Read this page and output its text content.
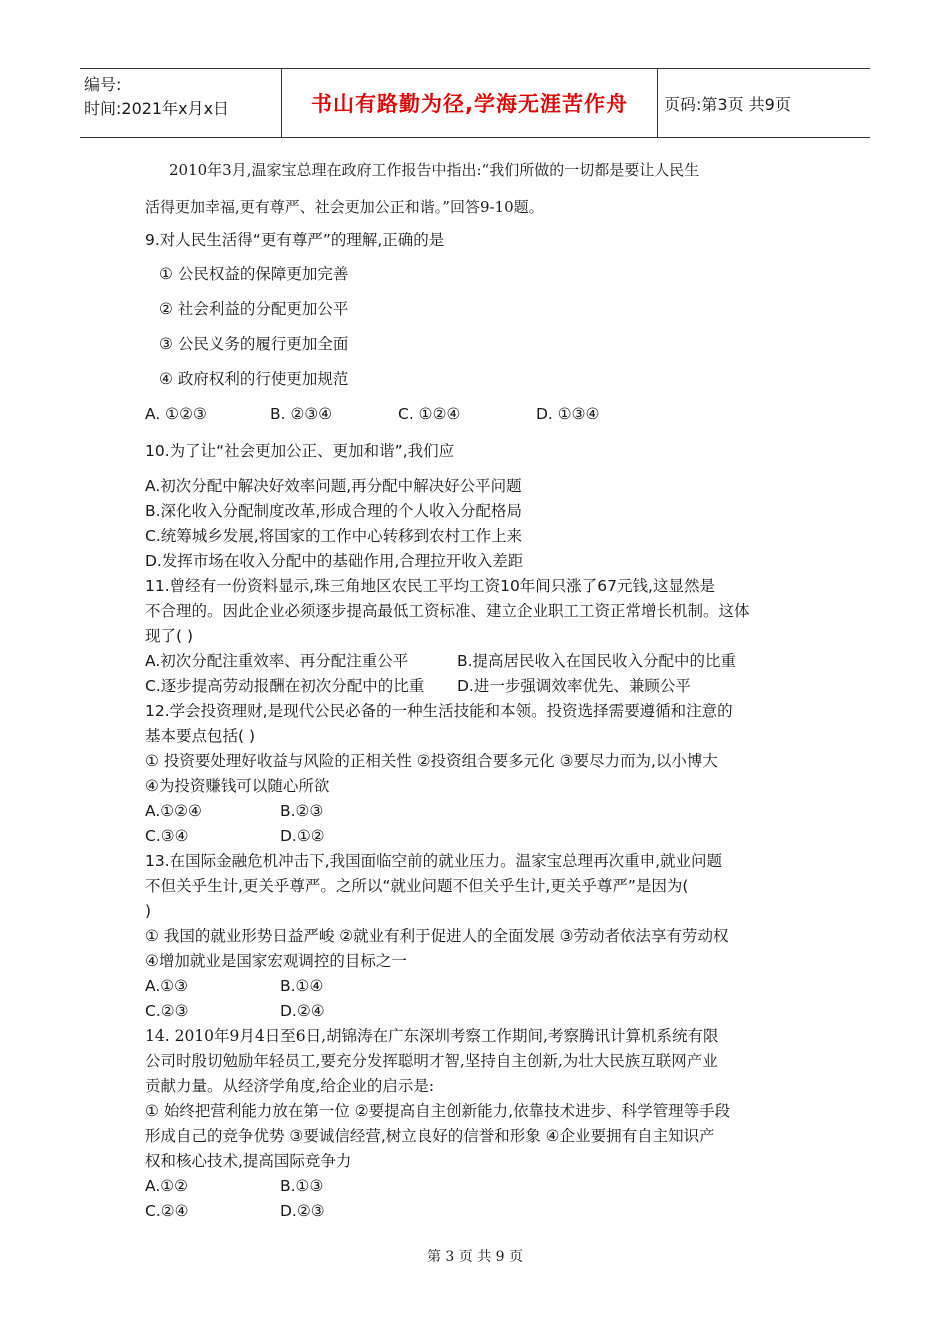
编号:
时间:2021年x月x日	书山有路勤为径,学海无涯苦作舟	页码:第3页 共9页

2010年3月,温家宝总理在政府工作报告中指出:“我们所做的一切都是要让人民生

活得更加幸福,更有尊严、社会更加公正和谐。”回答9-10题。

9.对人民生活得“更有尊严”的理解,正确的是

① 公民权益的保障更加完善

② 社会利益的分配更加公平

③ 公民义务的履行更加全面

④ 政府权利的行使更加规范

A. ①②③	B. ②③④	C. ①②④	D. ①③④

10.为了让“社会更加公正、更加和谐”,我们应

A.初次分配中解决好效率问题,再分配中解决好公平问题

B.深化收入分配制度改革,形成合理的个人收入分配格局

C.统筹城乡发展,将国家的工作中心转移到农村工作上来

D.发挥市场在收入分配中的基础作用,合理拉开收入差距

11.曾经有一份资料显示,珠三角地区农民工平均工资10年间只涨了67元钱,这显然是

不合理的。因此企业必须逐步提高最低工资标准、建立企业职工工资正常增长机制。这体

现了( )

A.初次分配注重效率、再分配注重公平	B.提高居民收入在国民收入分配中的比重
C.逐步提高劳动报酬在初次分配中的比重	D.进一步强调效率优先、兼顾公平

12.学会投资理财,是现代公民必备的一种生活技能和本领。投资选择需要遵循和注意的

基本要点包括( )

① 投资要处理好收益与风险的正相关性 ②投资组合要多元化 ③要尽力而为,以小博大

④为投资赚钱可以随心所欲

A.①②④	B.②③
C.③④	D.①②

13.在国际金融危机冲击下,我国面临空前的就业压力。温家宝总理再次重申,就业问题

不但关乎生计,更关乎尊严。之所以“就业问题不但关乎生计,更关乎尊严”是因为(

)

① 我国的就业形势日益严峻 ②就业有利于促进人的全面发展 ③劳动者依法享有劳动权

④增加就业是国家宏观调控的目标之一

A.①③	B.①④
C.②③	D.②④

14. 2010年9月4日至6日,胡锦涛在广东深圳考察工作期间,考察腾讯计算机系统有限

公司时殷切勉励年轻员工,要充分发挥聪明才智,坚持自主创新,为壮大民族互联网产业

贡献力量。从经济学角度,给企业的启示是:

① 始终把营利能力放在第一位 ②要提高自主创新能力,依靠技术进步、科学管理等手段

形成自己的竞争优势 ③要诚信经营,树立良好的信誉和形象 ④企业要拥有自主知识产

权和核心技术,提高国际竞争力

A.①②	B.①③
C.②④	D.②③
第 3 页 共 9 页
